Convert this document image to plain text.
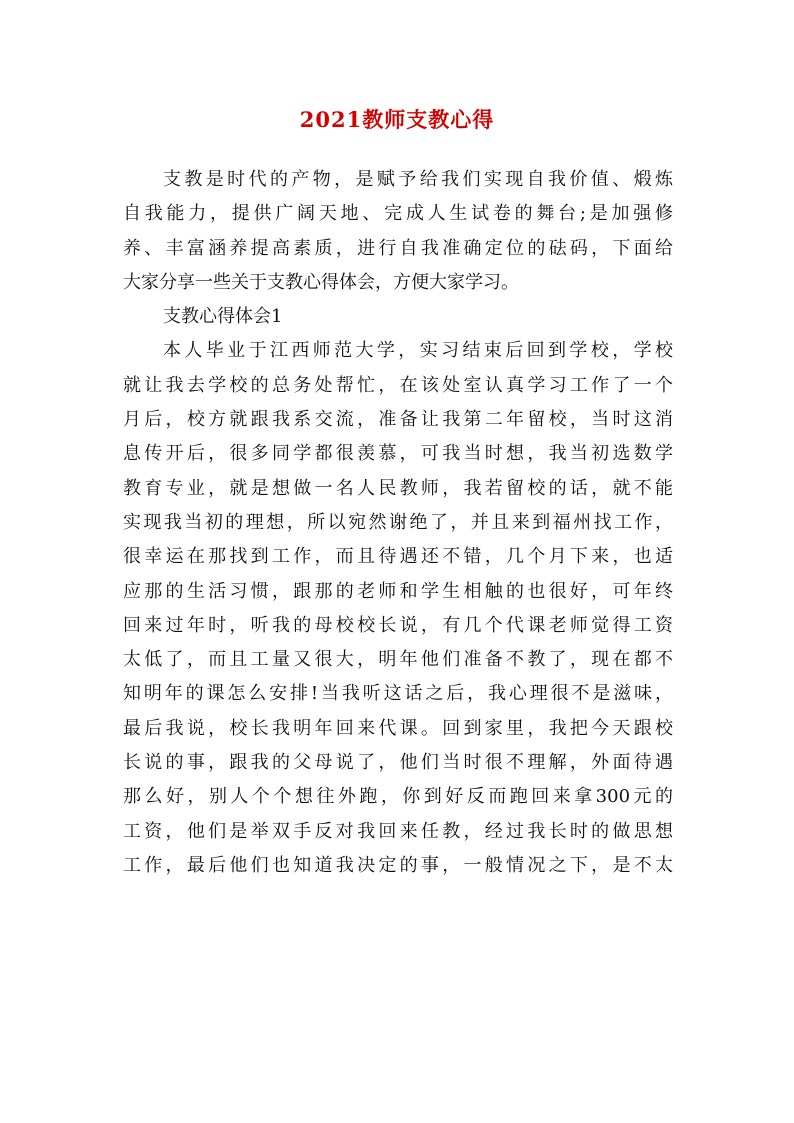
2021教师支教心得
支教是时代的产物，是赋予给我们实现自我价值、煅炼
自我能力，提供广阔天地、完成人生试卷的舞台;是加强修
养、丰富涵养提高素质，进行自我准确定位的砝码，下面给
大家分享一些关于支教心得体会，方便大家学习。
支教心得体会1
本人毕业于江西师范大学，实习结束后回到学校，学校
就让我去学校的总务处帮忙，在该处室认真学习工作了一个
月后，校方就跟我系交流，准备让我第二年留校，当时这消
息传开后，很多同学都很羡慕，可我当时想，我当初选数学
教育专业，就是想做一名人民教师，我若留校的话，就不能
实现我当初的理想，所以宛然谢绝了，并且来到福州找工作，
很幸运在那找到工作，而且待遇还不错，几个月下来，也适
应那的生活习惯，跟那的老师和学生相触的也很好，可年终
回来过年时，听我的母校校长说，有几个代课老师觉得工资
太低了，而且工量又很大，明年他们准备不教了，现在都不
知明年的课怎么安排!当我听这话之后，我心理很不是滋味，
最后我说，校长我明年回来代课。回到家里，我把今天跟校
长说的事，跟我的父母说了，他们当时很不理解，外面待遇
那么好，别人个个想往外跑，你到好反而跑回来拿300元的
工资，他们是举双手反对我回来任教，经过我长时的做思想
工作，最后他们也知道我决定的事，一般情况之下，是不太
